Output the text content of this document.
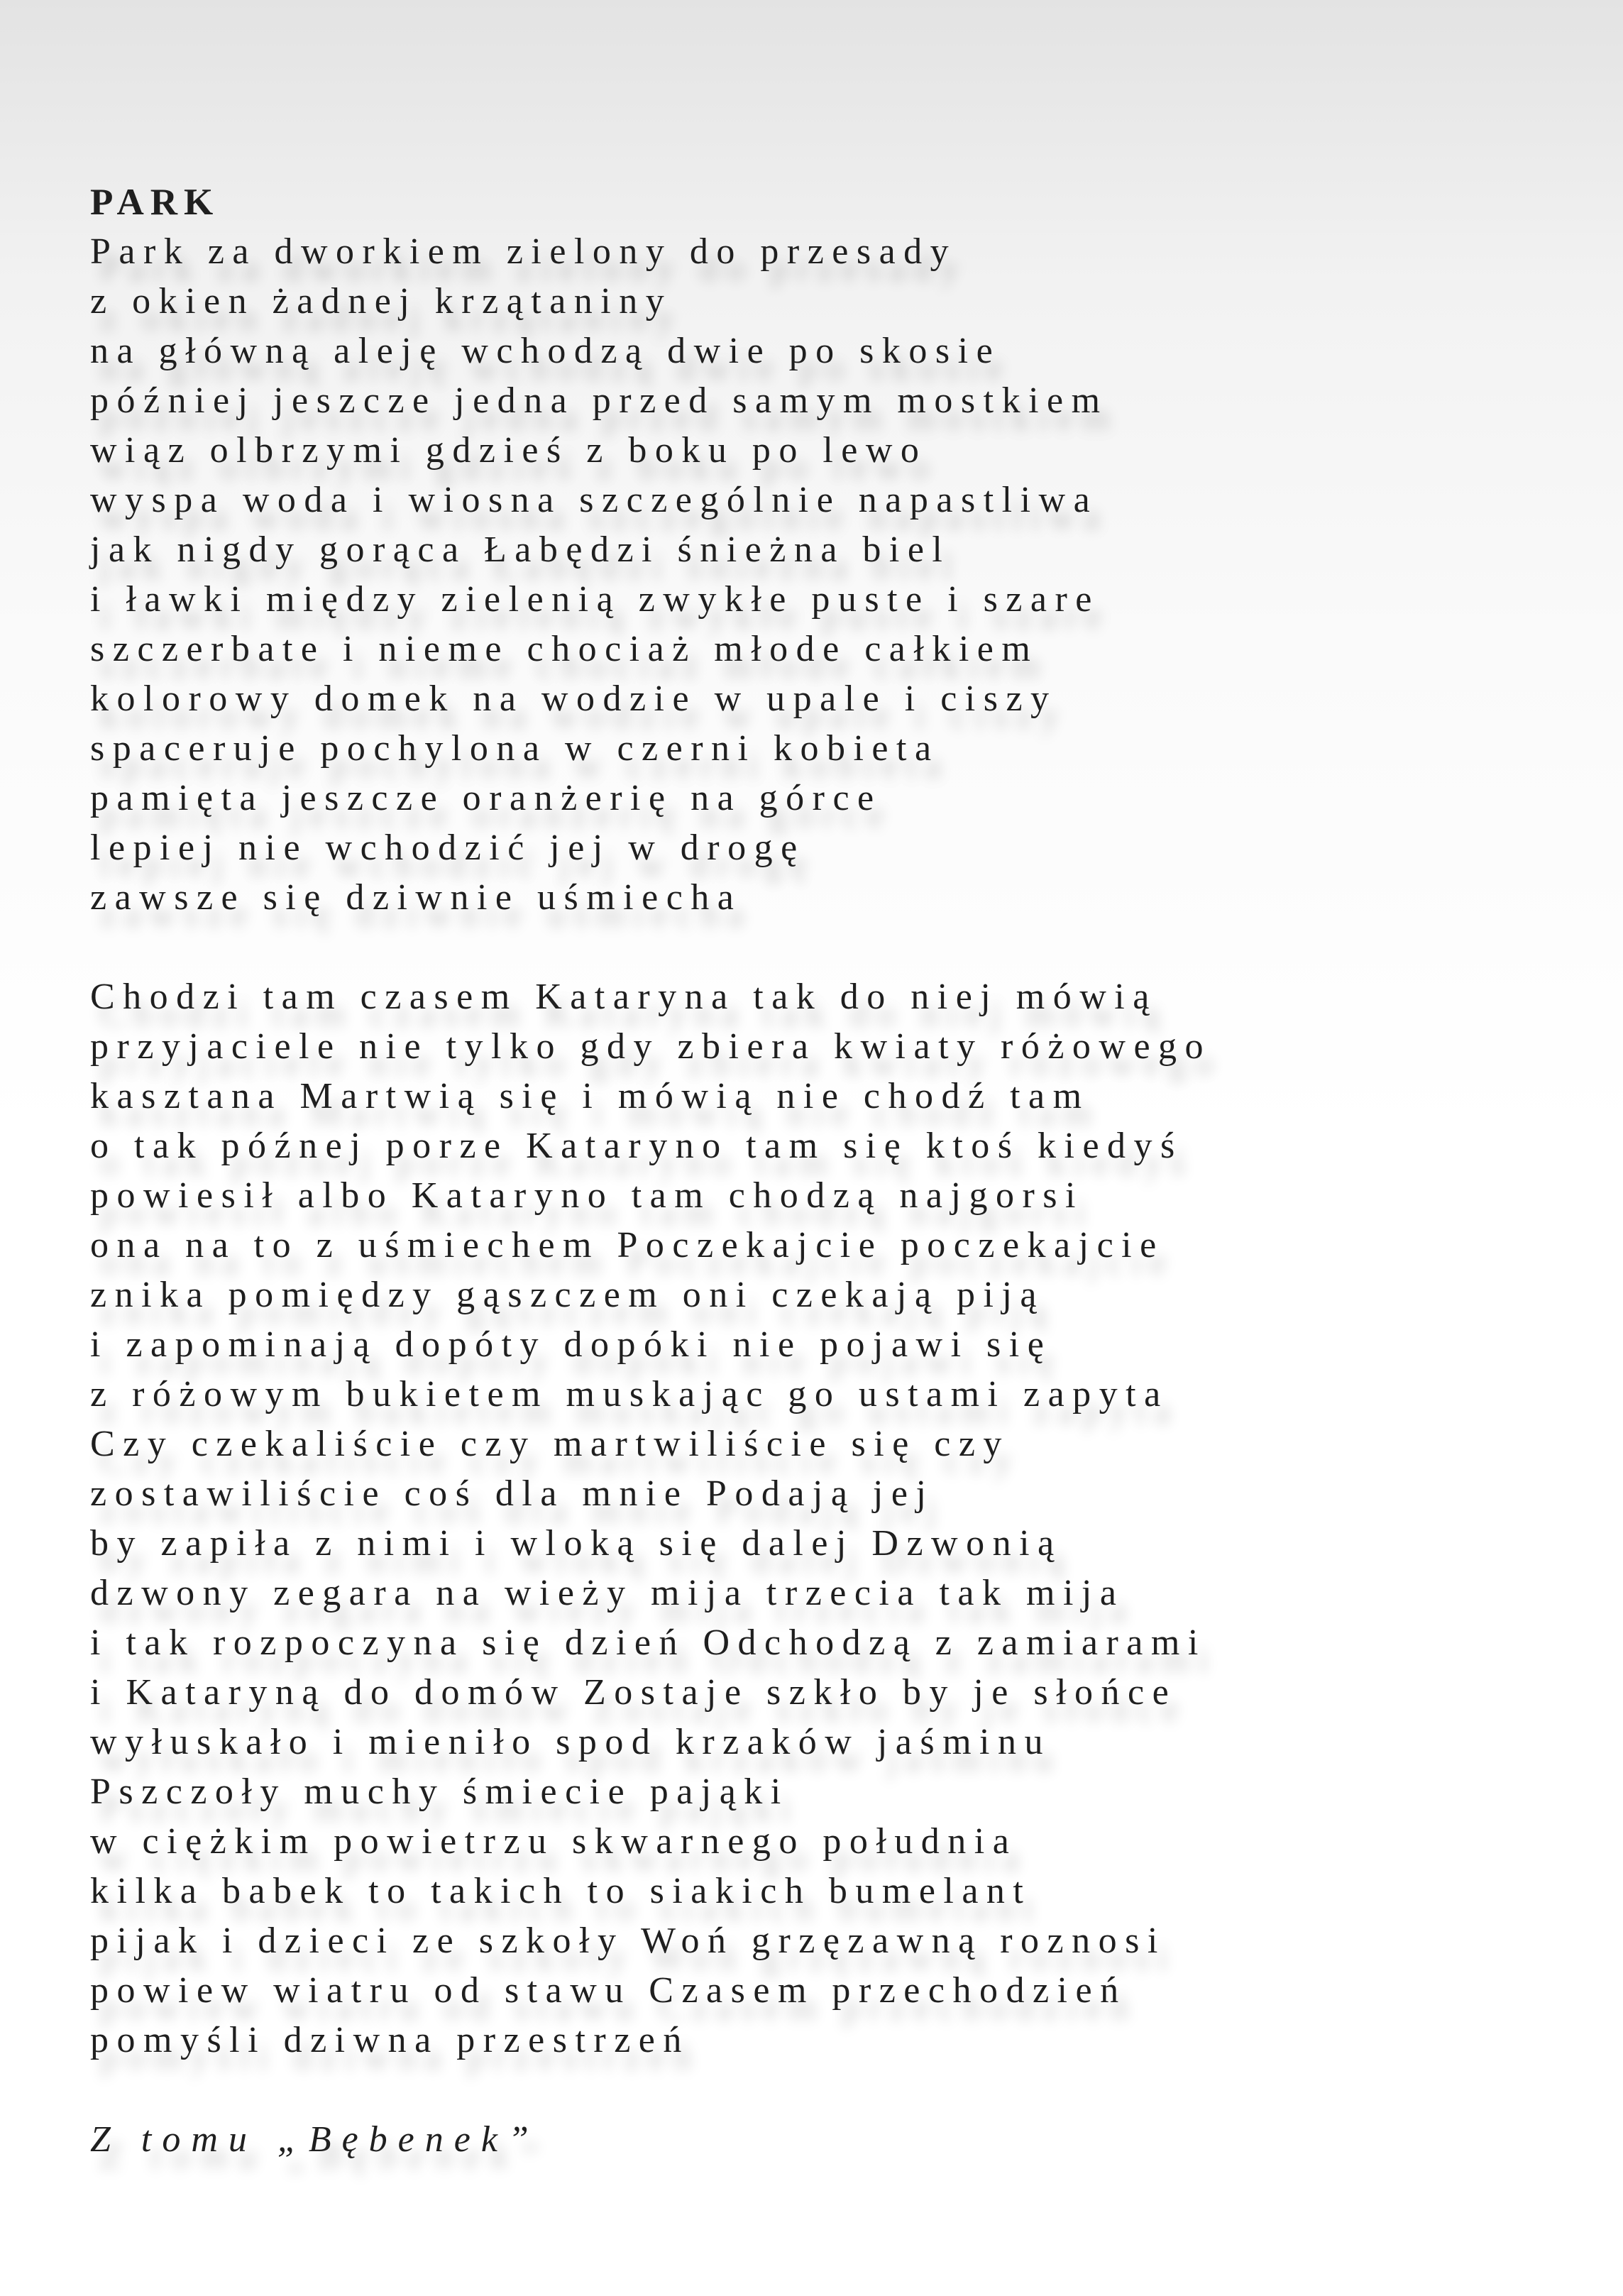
PARK
Park za dworkiem zielony do przesady
z okien żadnej krzątaniny
na główną aleję wchodzą dwie po skosie
później jeszcze jedna przed samym mostkiem
wiąz olbrzymi gdzieś z boku po lewo
wyspa woda i wiosna szczególnie napastliwa
jak nigdy gorąca Łabędzi śnieżna biel
i ławki między zielenią zwykłe puste i szare
szczerbate i nieme chociaż młode całkiem
kolorowy domek na wodzie w upale i ciszy
spaceruje pochylona w czerni kobieta
pamięta jeszcze oranżerię na górce
lepiej nie wchodzić jej w drogę
zawsze się dziwnie uśmiecha
Chodzi tam czasem Kataryna tak do niej mówią
przyjaciele nie tylko gdy zbiera kwiaty różowego
kasztana Martwią się i mówią nie chodź tam
o tak późnej porze Kataryno tam się ktoś kiedyś
powiesił albo Kataryno tam chodzą najgorsi
ona na to z uśmiechem Poczekajcie poczekajcie
znika pomiędzy gąszczem oni czekają piją
i zapominają dopóty dopóki nie pojawi się
z różowym bukietem muskając go ustami zapyta
Czy czekaliście czy martwiliście się czy
zostawiliście coś dla mnie Podają jej
by zapiła z nimi i wloką się dalej Dzwonią
dzwony zegara na wieży mija trzecia tak mija
i tak rozpoczyna się dzień Odchodzą z zamiarami
i Kataryną do domów Zostaje szkło by je słońce
wyłuskało i mieniło spod krzaków jaśminu
Pszczoły muchy śmiecie pająki
w ciężkim powietrzu skwarnego południa
kilka babek to takich to siakich bumelant
pijak i dzieci ze szkoły Woń grzęzawną roznosi
powiew wiatru od stawu Czasem przechodzień
pomyśli dziwna przestrzeń
Z tomu „Bębenek”
